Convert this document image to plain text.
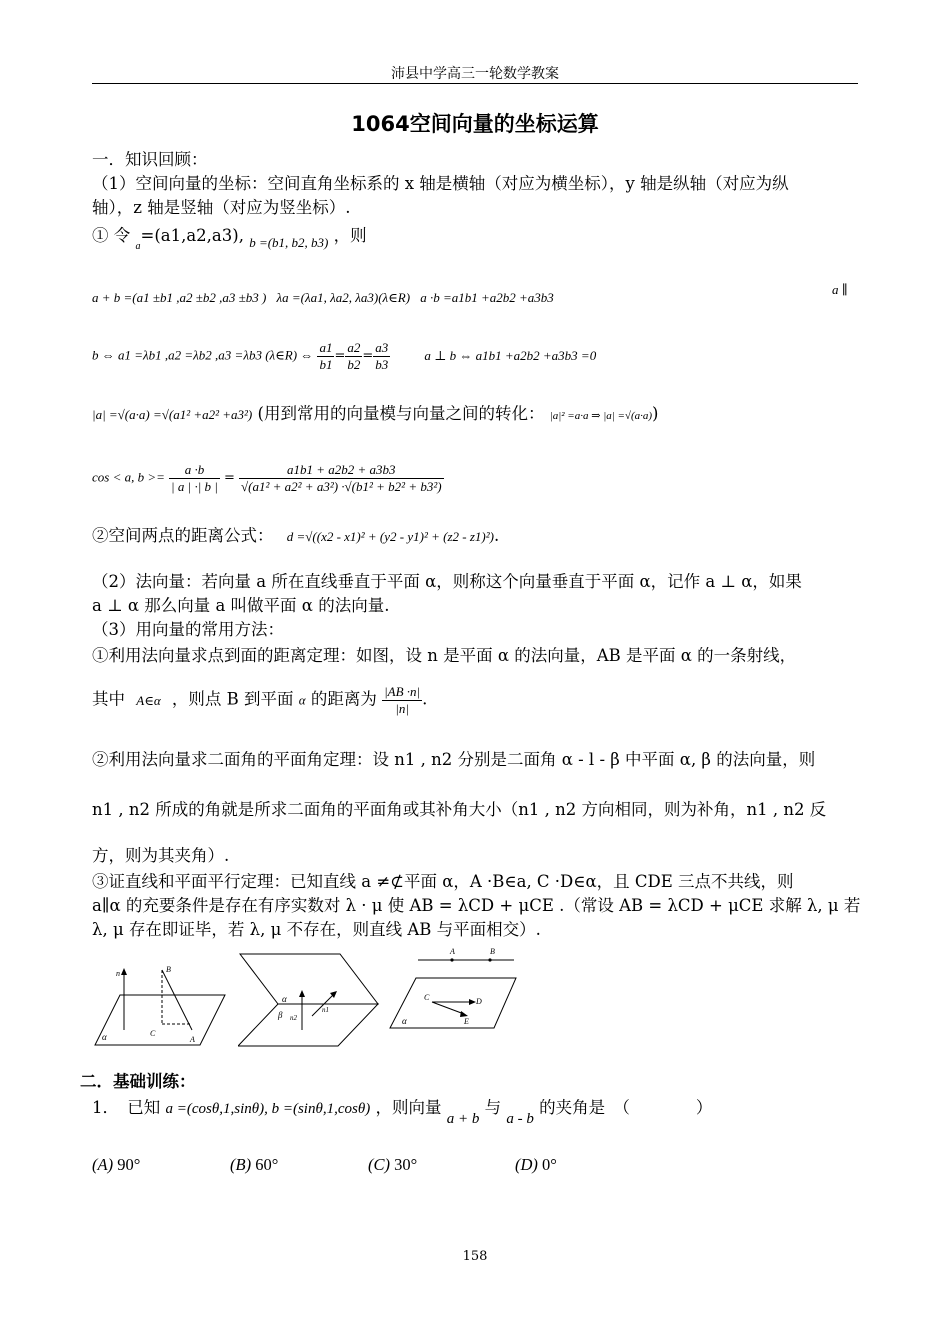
沛县中学高三一轮数学教案
1064空间向量的坐标运算
一．知识回顾：
（1）空间向量的坐标：空间直角坐标系的 x 轴是横轴（对应为横坐标），y 轴是纵轴（对应为纵
轴），z 轴是竖轴（对应为竖坐标）.
① 令 $_a$=(a1,a2,a3), $_{b =(b1, b2, b3)}$ ，则
a + b =(a1 ±b1 ,a2 ±b2 ,a3 ±b3 ) λa =(λa1, λa2, λa3)(λ∈R) a ·b =a1b1 +a2b2 +a3b3
a ∥
b ⇔ a1 =λb1 ,a2 =λb2 ,a3 =λb3 (λ∈R) ⇔ $\frac{a1}{b1} = \frac{a2}{b2} = \frac{a3}{b3}$	a ⊥ b ⇔ a1b1 +a2b2 +a3b3 =0
|a| =√(a·a) =√(a1² +a2² +a3²) (用到常用的向量模与向量之间的转化： |a|² =a·a ⇒ |a| =√(a·a))
cos < a, $b >= \frac{a \cdot b}{| a | \cdot| b |} = \frac{a1b1 + a2b2 + a3b3}{\text{√(a1² + a2² + a3²) ·√(b1² + b2² + b3²)}}$
②空间两点的距离公式： d =√((x2 - x1)² + (y2 - y1)² + (z2 - z1)²).
（2）法向量：若向量 a 所在直线垂直于平面 α，则称这个向量垂直于平面 α，记作 a ⊥ α，如果
a ⊥ α 那么向量 a 叫做平面 α 的法向量.
（3）用向量的常用方法：
①利用法向量求点到面的距离定理：如图，设 n 是平面 α 的法向量，AB 是平面 α 的一条射线，
其中 A∈α ，则点 B 到平面 α 的距离为 $\frac{|AB \cdot n|}{|n|}$ .
②利用法向量求二面角的平面角定理：设 n1 , n2 分别是二面角 α - l - β 中平面 α, β 的法向量，则
n1 , n2 所成的角就是所求二面角的平面角或其补角大小（n1 , n2 方向相同，则为补角，n1 , n2 反
方，则为其夹角）.
③证直线和平面平行定理：已知直线 a ≠⊄平面 α，A ·B∈a, C ·D∈α，且 CDE 三点不共线，则
a∥α 的充要条件是存在有序实数对 λ · μ 使 AB = λCD + μCE .（常设 AB = λCD + μCE 求解 λ, μ 若
λ, μ 存在即证毕，若 λ, μ 不存在，则直线 AB 与平面相交）.
n	B
C
A
α
α
β	n1
n2
A	B
C	D
E
α
二．基础训练：
1．　已知 a =(cosθ,1,sinθ), b =(sinθ,1,cosθ) ，则向量 a + b 与 a - b 的夹角是　（　　　　）
(A) 90°	(B) 60°	(C) 30°	(D) 0°
158
